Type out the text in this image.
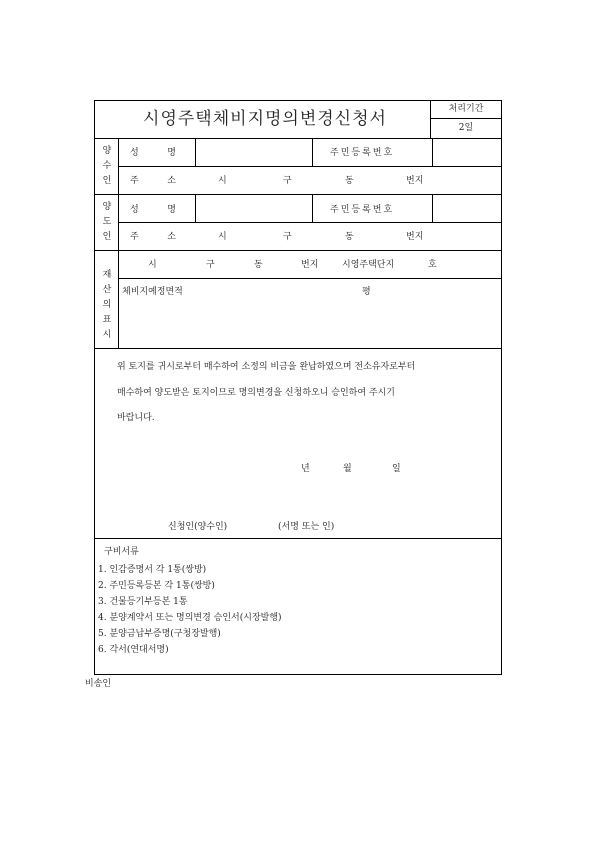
시영주택체비지명의변경신청서	처리기간
2일
양
수
인
성          명	주민등록번호
주          소	시	구	동	번지
양
도
인
성          명	주민등록번호
주          소	시	구	동	번지
재
산
의
표
시
시	구	동	번지	시영주택단지	호
체비지예정면적	평
위 토지를 귀시로부터 매수하여 소정의 비금을 완납하였으며 전소유자로부터
매수하여 양도받은 토지이므로 명의변경을 신청하오니 승인하여 주시기
바랍니다.
년	월	일
신청인(양수인)	(서명 또는 인)
구비서류
1. 인감증명서 각 1통(쌍방)
2. 주민등록등본 각 1통(쌍방)
3. 건물등기부등본 1통
4. 분양계약서 또는 명의변경 승인서(시장발행)
5. 분양금납부증명(구청장발행)
6. 각서(연대서명)
비송인
